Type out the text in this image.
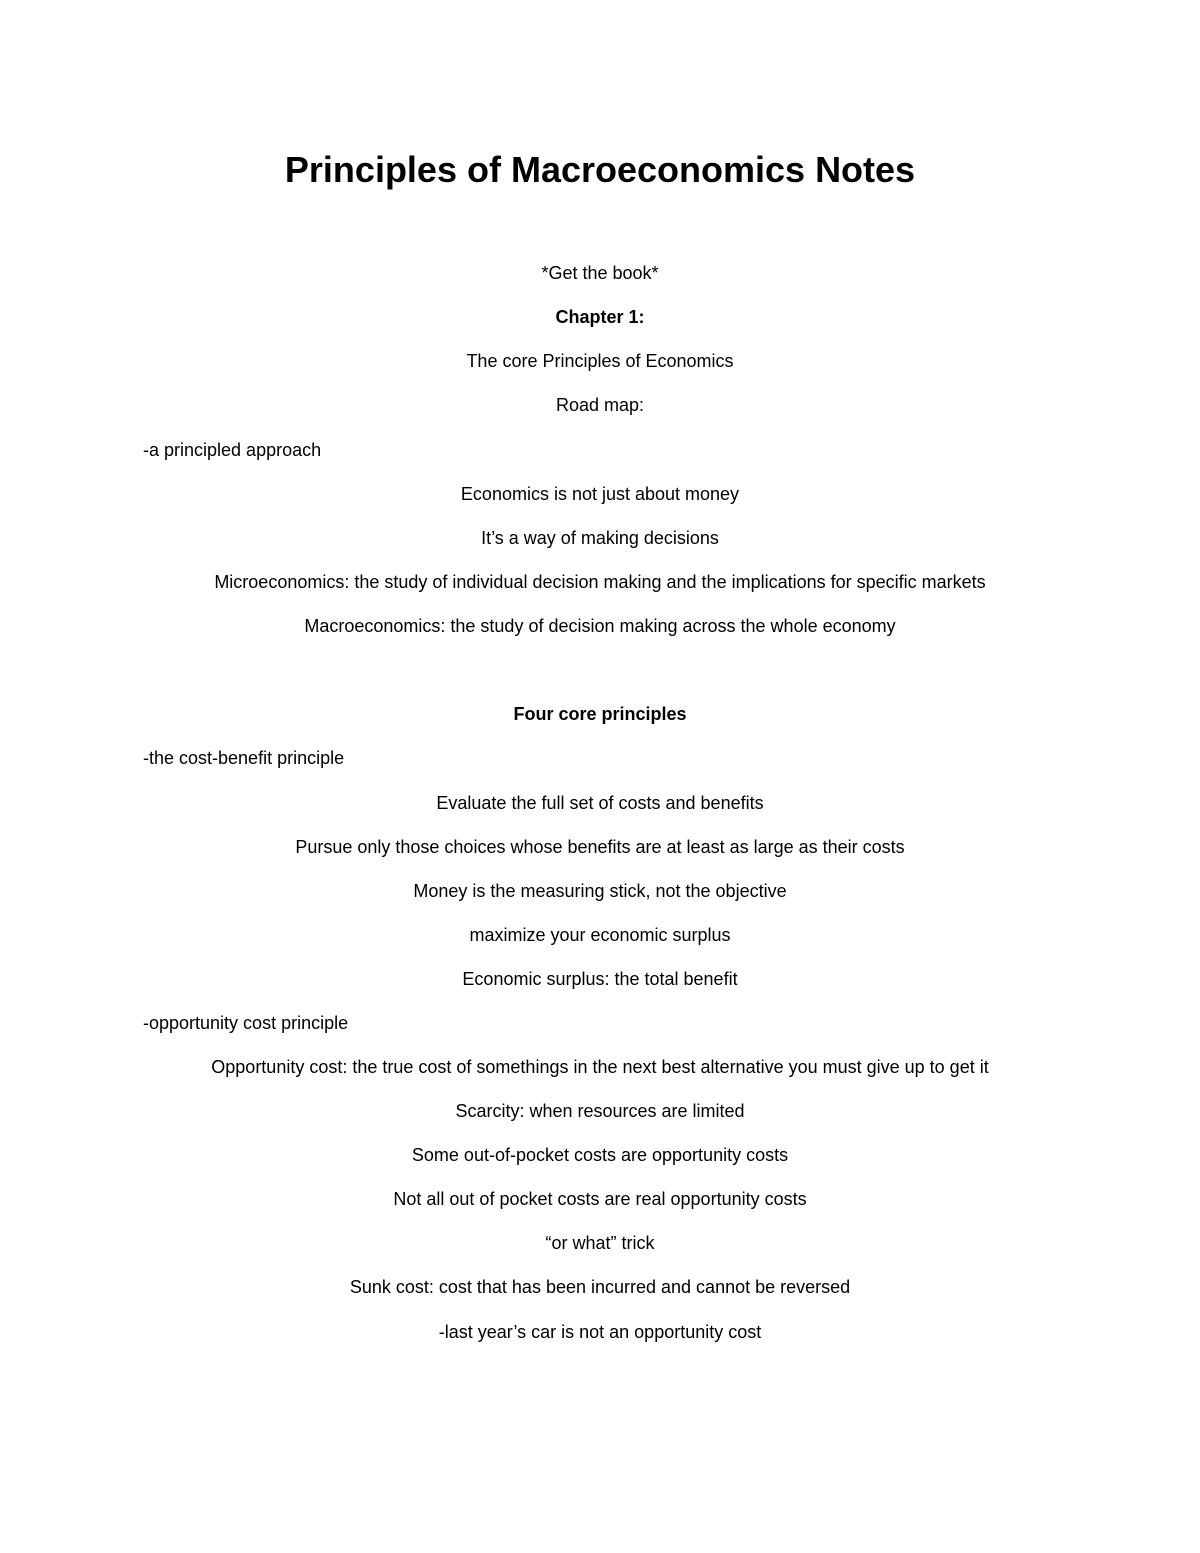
Principles of Macroeconomics Notes

*Get the book*

Chapter 1:

The core Principles of Economics

Road map:

-a principled approach

Economics is not just about money

It’s a way of making decisions

Microeconomics: the study of individual decision making and the implications for specific markets

Macroeconomics: the study of decision making across the whole economy

Four core principles

-the cost-benefit principle

Evaluate the full set of costs and benefits

Pursue only those choices whose benefits are at least as large as their costs

Money is the measuring stick, not the objective

maximize your economic surplus

Economic surplus: the total benefit

-opportunity cost principle

Opportunity cost: the true cost of somethings in the next best alternative you must give up to get it

Scarcity: when resources are limited

Some out-of-pocket costs are opportunity costs

Not all out of pocket costs are real opportunity costs

“or what” trick

Sunk cost: cost that has been incurred and cannot be reversed

-last year’s car is not an opportunity cost
